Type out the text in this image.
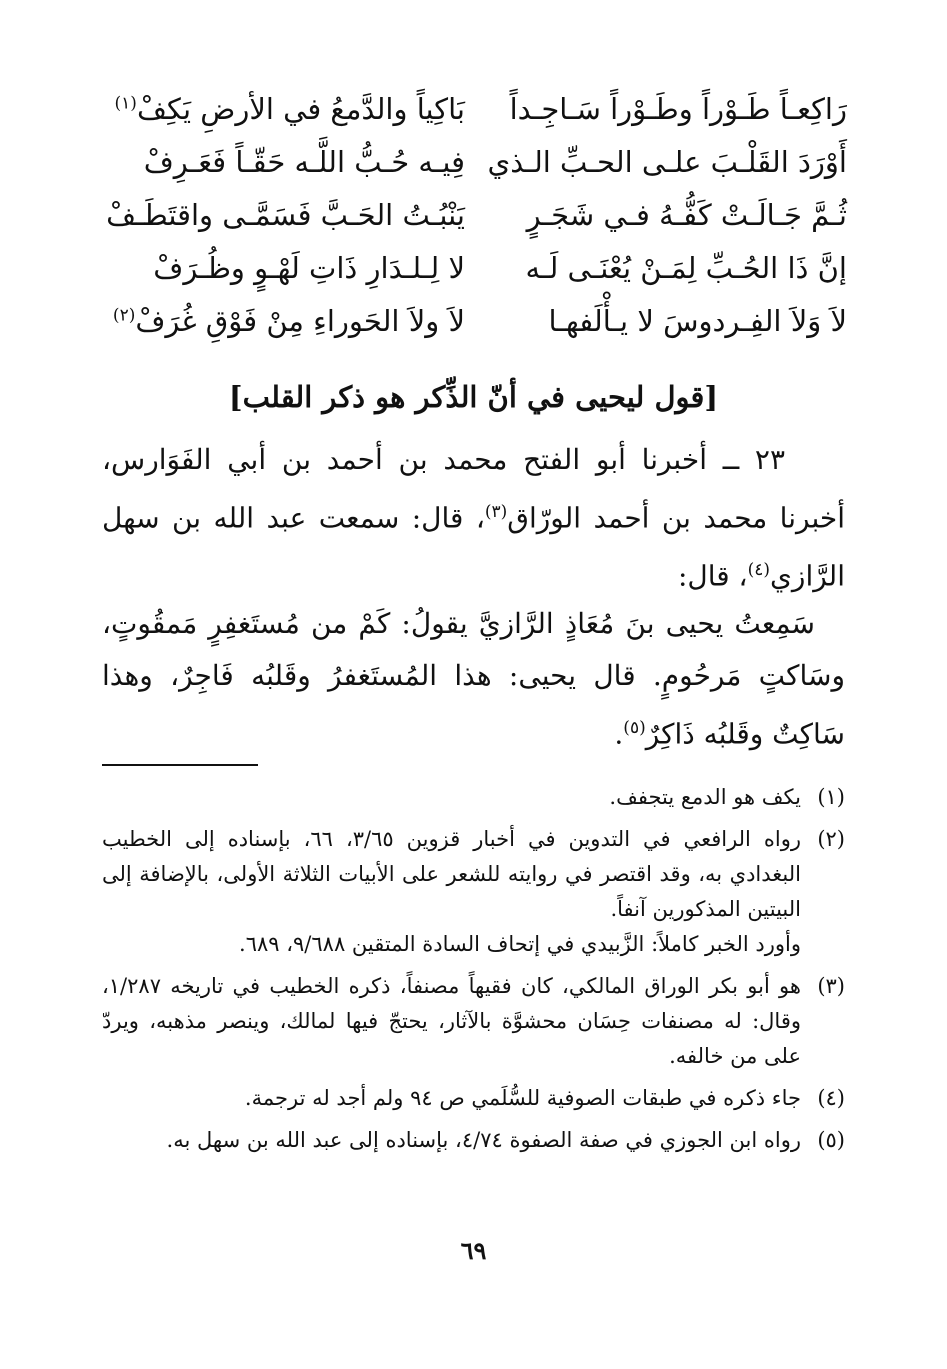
رَاكِعـاً طَـوْراً وطَـوْراً سَـاجِـداً
بَاكِياً والدَّمعُ في الأرضِ يَكِفْ$^{(١)}$
أَوْرَدَ القَلْـبَ علـى الحـبِّ الـذي
فِيـه حُـبُّ اللَّـه حَقّـاً فَعَـرِفْ
ثُـمَّ جَـالَـتْ كَفُّـهُ فـي شَجَـرٍ
يَنْبُـتُ الحَـبَّ فَسَمَّـى واقتَطَـفْ
إنَّ ذَا الحُـبِّ لِمَـنْ يُعْنَـى لَـه
لا لِـلـدَارِ ذَاتِ لَهْـوٍ وظُـرَفْ
لاَ وَلاَ الفِـردوسَ لا يـأْلَفهـا
لاَ ولاَ الحَوراءِ مِنْ فَوْقِ غُرَفْ$^{(٢)}$
[قول ليحيى في أنّ الذِّكر هو ذكر القلب]
٢٣ ــ أخبرنا أبو الفتح محمد بن أحمد بن أبي الفَوَارس، أخبرنا محمد بن أحمد الورّاق$^{(٣)}$، قال: سمعت عبد الله بن سهل الرَّازي$^{(٤)}$، قال:
سَمِعتُ يحيى بنَ مُعَاذٍ الرَّازيَّ يقولُ: كَمْ من مُستَغفِرٍ مَمقُوتٍ، وسَاكتٍ مَرحُومٍ. قال يحيى: هذا المُستَغفرُ وقَلبُه فَاجِرٌ، وهذا سَاكِتٌ وقَلبُه ذَاكِرٌ$^{(٥)}$.
(١)
يكف هو الدمع يتجفف.
(٢)
رواه الرافعي في التدوين في أخبار قزوين ٣/٦٥، ٦٦، بإسناده إلى الخطيب البغدادي به، وقد اقتصر في روايته للشعر على الأبيات الثلاثة الأولى، بالإضافة إلى البيتين المذكورين آنفاً.
وأورد الخبر كاملاً: الزَّبيدي في إتحاف السادة المتقين ٩/٦٨٨، ٦٨٩.
(٣)
هو أبو بكر الوراق المالكي، كان فقيهاً مصنفاً، ذكره الخطيب في تاريخه ١/٢٨٧، وقال: له مصنفات حِسَان محشوَّة بالآثار، يحتجّ فيها لمالك، وينصر مذهبه، ويردّ على من خالفه.
(٤)
جاء ذكره في طبقات الصوفية للسُّلَمي ص ٩٤ ولم أجد له ترجمة.
(٥)
رواه ابن الجوزي في صفة الصفوة ٤/٧٤، بإسناده إلى عبد الله بن سهل به.
٦٩
